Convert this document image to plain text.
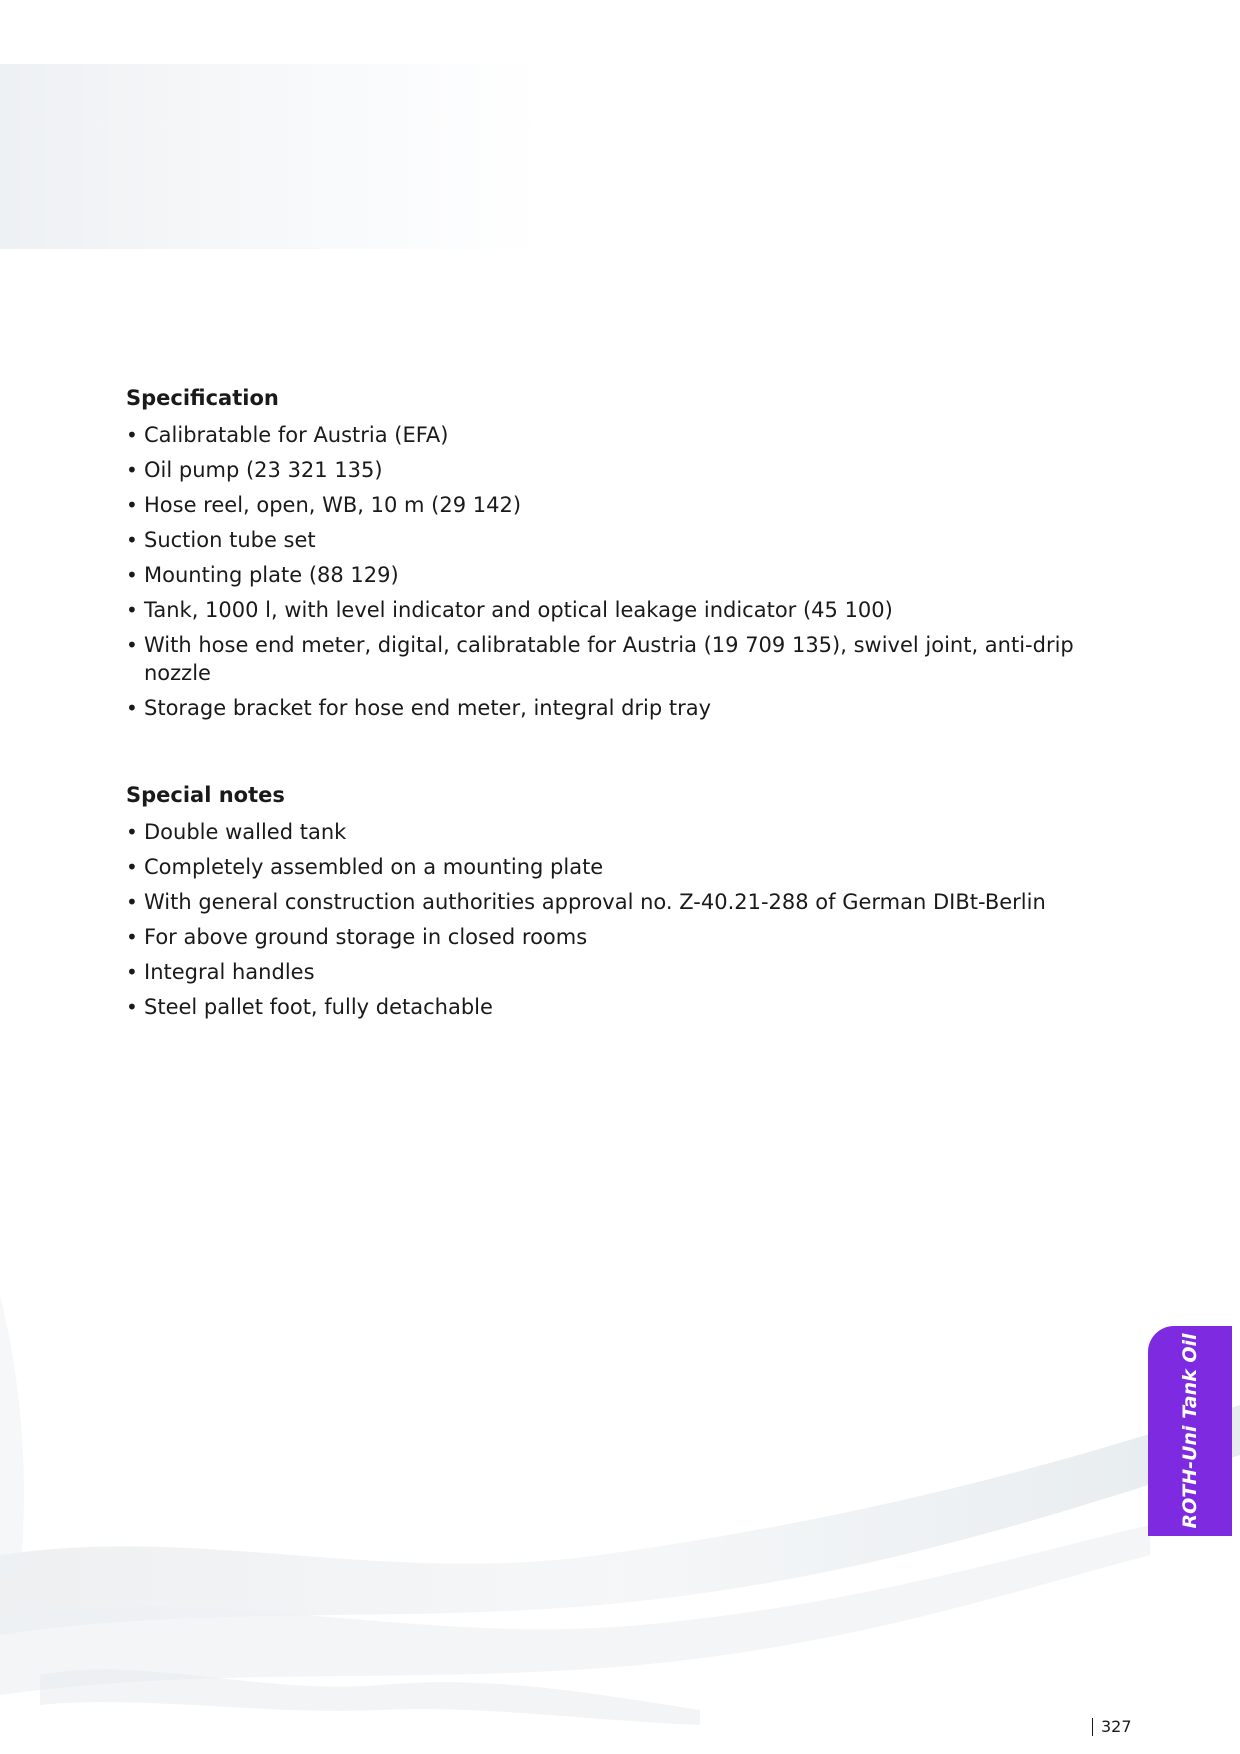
Specification
• Calibratable for Austria (EFA)
• Oil pump (23 321 135)
• Hose reel, open, WB, 10 m (29 142)
• Suction tube set
• Mounting plate (88 129)
• Tank, 1000 l, with level indicator and optical leakage indicator (45 100)
• With hose end meter, digital, calibratable for Austria (19 709 135), swivel joint, anti-drip nozzle
• Storage bracket for hose end meter, integral drip tray
Special notes
• Double walled tank
• Completely assembled on a mounting plate
• With general construction authorities approval no. Z-40.21-288 of German DIBt-Berlin
• For above ground storage in closed rooms
• Integral handles
• Steel pallet foot, fully detachable
ROTH-Uni Tank Oil
327
